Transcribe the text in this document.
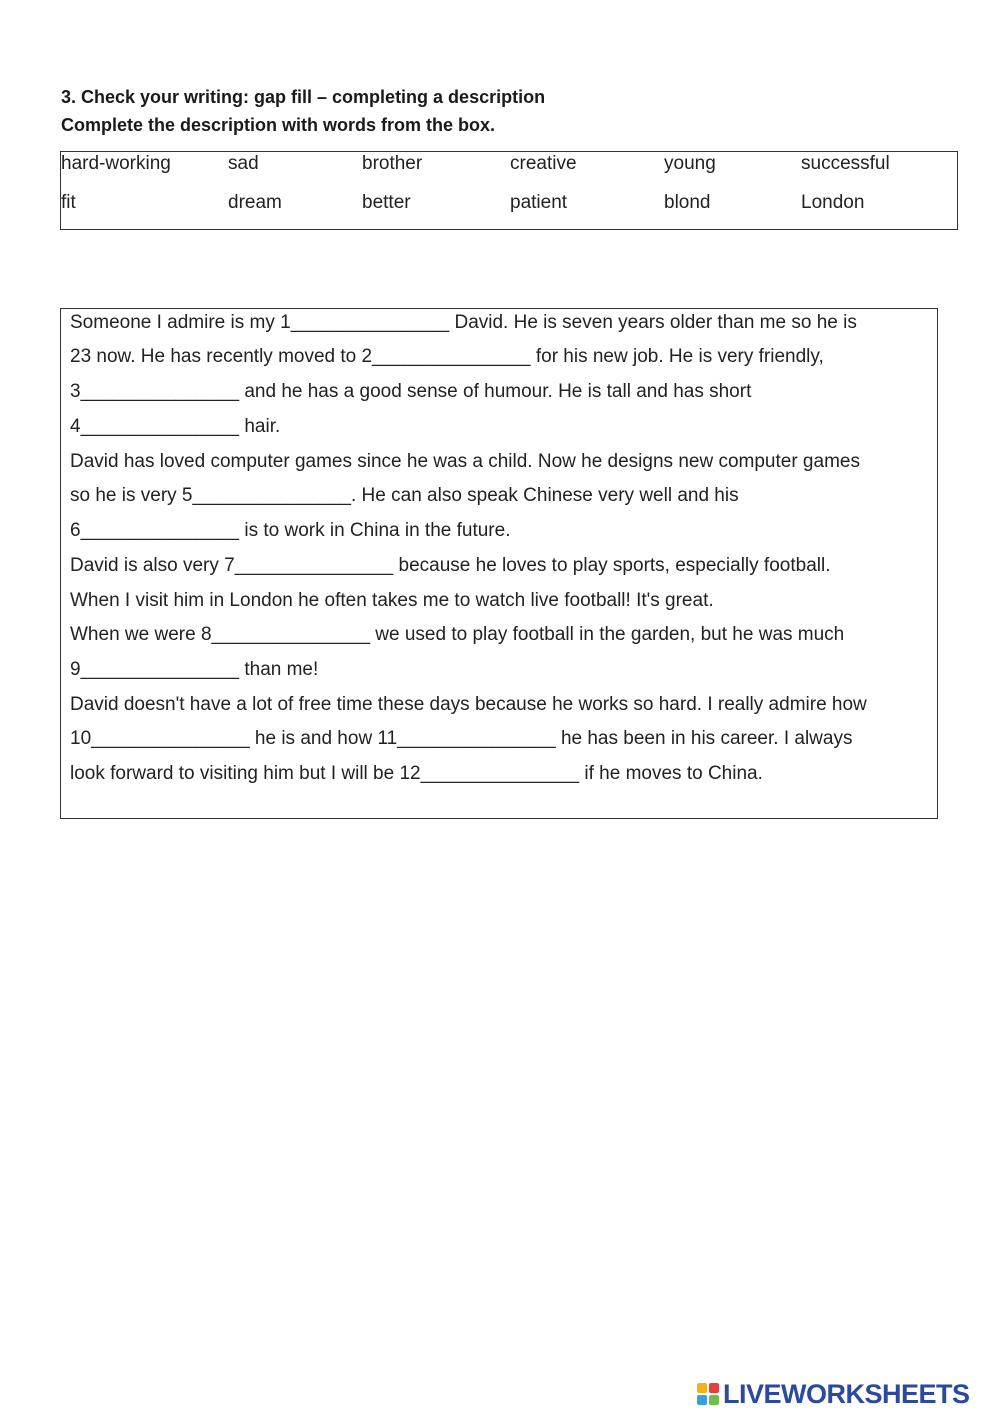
3. Check your writing: gap fill – completing a description
Complete the description with words from the box.
hard-working	sad	brother	creative	young	successful
fit	dream	better	patient	blond	London
Someone I admire is my 1_______________ David. He is seven years older than me so he is
23 now. He has recently moved to 2_______________ for his new job. He is very friendly,
3_______________ and he has a good sense of humour. He is tall and has short
4_______________ hair.
David has loved computer games since he was a child. Now he designs new computer games
so he is very 5_______________. He can also speak Chinese very well and his
6_______________ is to work in China in the future.
David is also very 7_______________ because he loves to play sports, especially football.
When I visit him in London he often takes me to watch live football! It's great.
When we were 8_______________ we used to play football in the garden, but he was much
9_______________ than me!
David doesn't have a lot of free time these days because he works so hard. I really admire how
10_______________ he is and how 11_______________ he has been in his career. I always
look forward to visiting him but I will be 12_______________ if he moves to China.
LIVEWORKSHEETS
